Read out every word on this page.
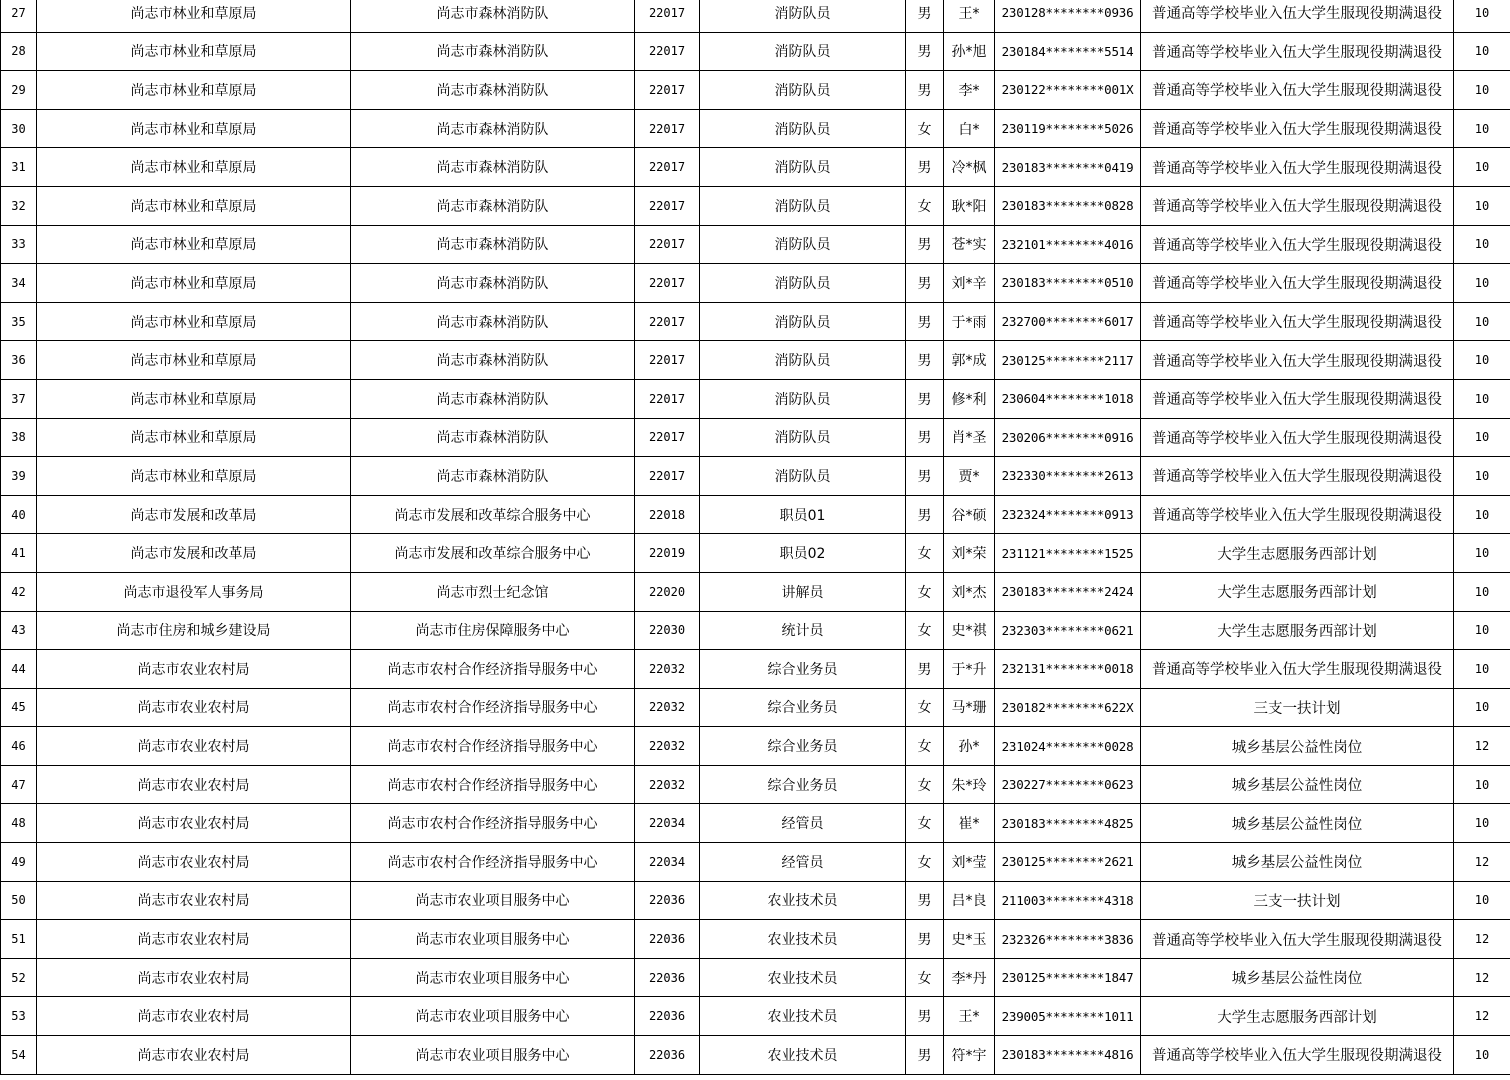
27	尚志市林业和草原局	尚志市森林消防队	22017	消防队员	男	王*	230128********0936	普通高等学校毕业入伍大学生服现役期满退役	10
28	尚志市林业和草原局	尚志市森林消防队	22017	消防队员	男	孙*旭	230184********5514	普通高等学校毕业入伍大学生服现役期满退役	10
29	尚志市林业和草原局	尚志市森林消防队	22017	消防队员	男	李*	230122********001X	普通高等学校毕业入伍大学生服现役期满退役	10
30	尚志市林业和草原局	尚志市森林消防队	22017	消防队员	女	白*	230119********5026	普通高等学校毕业入伍大学生服现役期满退役	10
31	尚志市林业和草原局	尚志市森林消防队	22017	消防队员	男	冷*枫	230183********0419	普通高等学校毕业入伍大学生服现役期满退役	10
32	尚志市林业和草原局	尚志市森林消防队	22017	消防队员	女	耿*阳	230183********0828	普通高等学校毕业入伍大学生服现役期满退役	10
33	尚志市林业和草原局	尚志市森林消防队	22017	消防队员	男	苍*实	232101********4016	普通高等学校毕业入伍大学生服现役期满退役	10
34	尚志市林业和草原局	尚志市森林消防队	22017	消防队员	男	刘*辛	230183********0510	普通高等学校毕业入伍大学生服现役期满退役	10
35	尚志市林业和草原局	尚志市森林消防队	22017	消防队员	男	于*雨	232700********6017	普通高等学校毕业入伍大学生服现役期满退役	10
36	尚志市林业和草原局	尚志市森林消防队	22017	消防队员	男	郭*成	230125********2117	普通高等学校毕业入伍大学生服现役期满退役	10
37	尚志市林业和草原局	尚志市森林消防队	22017	消防队员	男	修*利	230604********1018	普通高等学校毕业入伍大学生服现役期满退役	10
38	尚志市林业和草原局	尚志市森林消防队	22017	消防队员	男	肖*圣	230206********0916	普通高等学校毕业入伍大学生服现役期满退役	10
39	尚志市林业和草原局	尚志市森林消防队	22017	消防队员	男	贾*	232330********2613	普通高等学校毕业入伍大学生服现役期满退役	10
40	尚志市发展和改革局	尚志市发展和改革综合服务中心	22018	职员01	男	谷*硕	232324********0913	普通高等学校毕业入伍大学生服现役期满退役	10
41	尚志市发展和改革局	尚志市发展和改革综合服务中心	22019	职员02	女	刘*荣	231121********1525	大学生志愿服务西部计划	10
42	尚志市退役军人事务局	尚志市烈士纪念馆	22020	讲解员	女	刘*杰	230183********2424	大学生志愿服务西部计划	10
43	尚志市住房和城乡建设局	尚志市住房保障服务中心	22030	统计员	女	史*祺	232303********0621	大学生志愿服务西部计划	10
44	尚志市农业农村局	尚志市农村合作经济指导服务中心	22032	综合业务员	男	于*升	232131********0018	普通高等学校毕业入伍大学生服现役期满退役	10
45	尚志市农业农村局	尚志市农村合作经济指导服务中心	22032	综合业务员	女	马*珊	230182********622X	三支一扶计划	10
46	尚志市农业农村局	尚志市农村合作经济指导服务中心	22032	综合业务员	女	孙*	231024********0028	城乡基层公益性岗位	12
47	尚志市农业农村局	尚志市农村合作经济指导服务中心	22032	综合业务员	女	朱*玲	230227********0623	城乡基层公益性岗位	10
48	尚志市农业农村局	尚志市农村合作经济指导服务中心	22034	经管员	女	崔*	230183********4825	城乡基层公益性岗位	10
49	尚志市农业农村局	尚志市农村合作经济指导服务中心	22034	经管员	女	刘*莹	230125********2621	城乡基层公益性岗位	12
50	尚志市农业农村局	尚志市农业项目服务中心	22036	农业技术员	男	吕*良	211003********4318	三支一扶计划	10
51	尚志市农业农村局	尚志市农业项目服务中心	22036	农业技术员	男	史*玉	232326********3836	普通高等学校毕业入伍大学生服现役期满退役	12
52	尚志市农业农村局	尚志市农业项目服务中心	22036	农业技术员	女	李*丹	230125********1847	城乡基层公益性岗位	12
53	尚志市农业农村局	尚志市农业项目服务中心	22036	农业技术员	男	王*	239005********1011	大学生志愿服务西部计划	12
54	尚志市农业农村局	尚志市农业项目服务中心	22036	农业技术员	男	符*宇	230183********4816	普通高等学校毕业入伍大学生服现役期满退役	10
